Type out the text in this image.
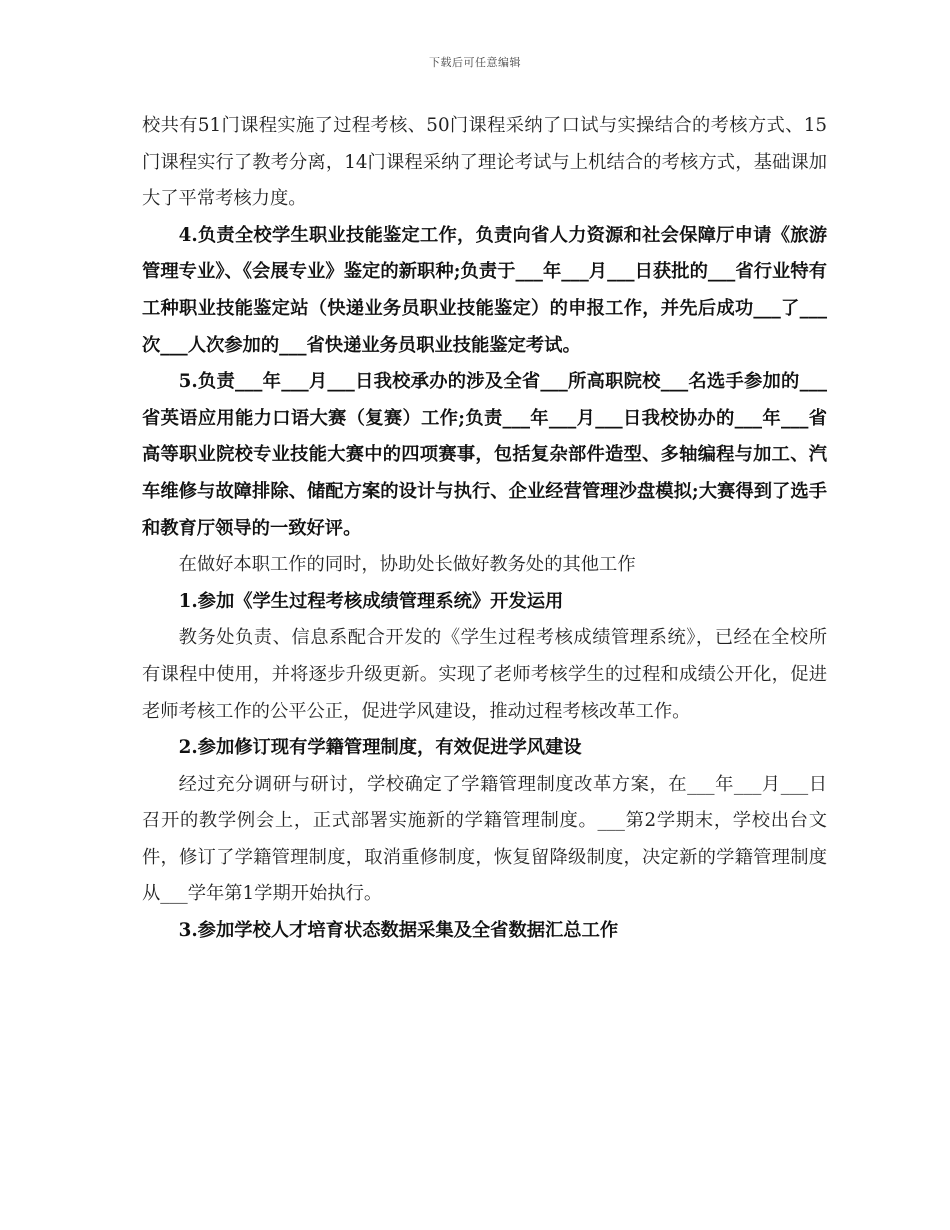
下载后可任意编辑

校共有51门课程实施了过程考核、50门课程采纳了口试与实操结合的考核方式、15门课程实行了教考分离，14门课程采纳了理论考试与上机结合的考核方式，基础课加大了平常考核力度。

4.负责全校学生职业技能鉴定工作，负责向省人力资源和社会保障厅申请《旅游管理专业》、《会展专业》鉴定的新职种;负责于___年___月___日获批的___省行业特有工种职业技能鉴定站（快递业务员职业技能鉴定）的申报工作，并先后成功___了___次___人次参加的___省快递业务员职业技能鉴定考试。

5.负责___年___月___日我校承办的涉及全省___所高职院校___名选手参加的___省英语应用能力口语大赛（复赛）工作;负责___年___月___日我校协办的___年___省高等职业院校专业技能大赛中的四项赛事，包括复杂部件造型、多轴编程与加工、汽车维修与故障排除、储配方案的设计与执行、企业经营管理沙盘模拟;大赛得到了选手和教育厅领导的一致好评。

在做好本职工作的同时，协助处长做好教务处的其他工作

1.参加《学生过程考核成绩管理系统》开发运用

教务处负责、信息系配合开发的《学生过程考核成绩管理系统》，已经在全校所有课程中使用，并将逐步升级更新。实现了老师考核学生的过程和成绩公开化，促进老师考核工作的公平公正，促进学风建设，推动过程考核改革工作。

2.参加修订现有学籍管理制度，有效促进学风建设

经过充分调研与研讨，学校确定了学籍管理制度改革方案，在___年___月___日召开的教学例会上，正式部署实施新的学籍管理制度。___第2学期末，学校出台文件，修订了学籍管理制度，取消重修制度，恢复留降级制度，决定新的学籍管理制度从___学年第1学期开始执行。

3.参加学校人才培育状态数据采集及全省数据汇总工作
